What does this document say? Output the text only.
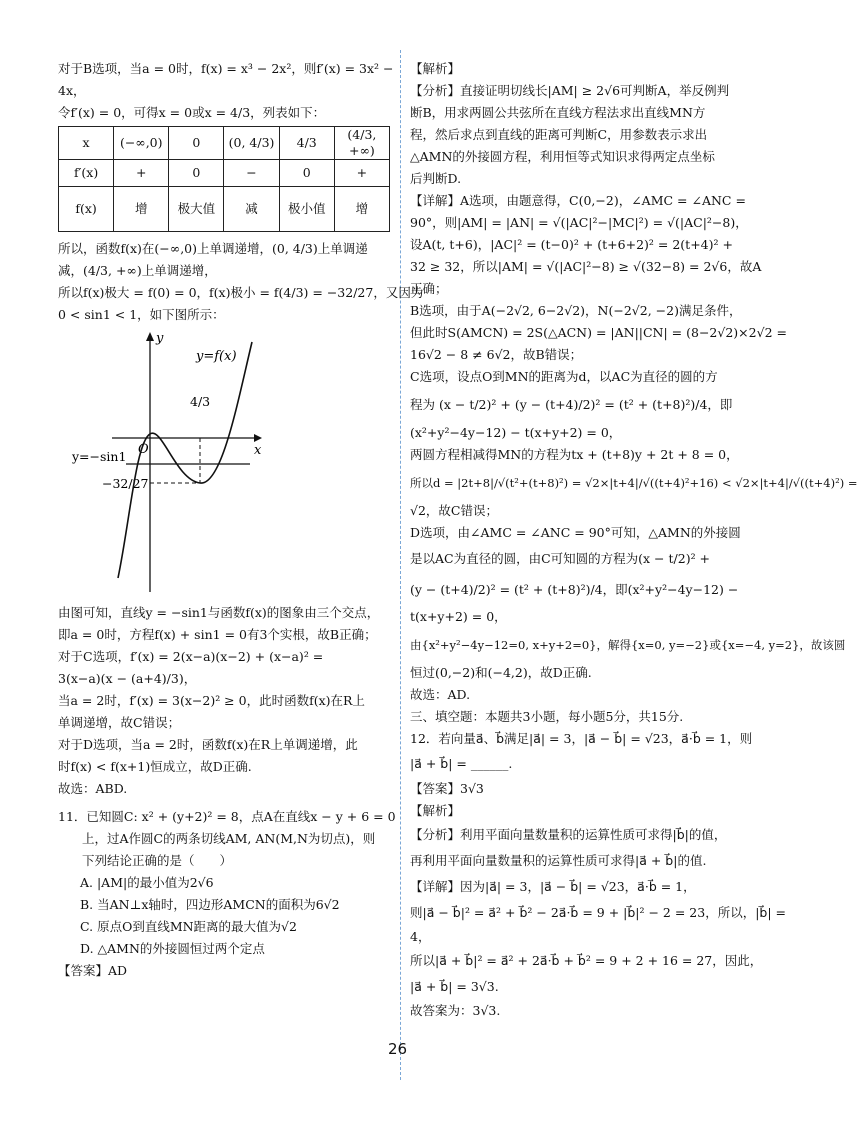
对于B选项，当a = 0时，f(x) = x³ − 2x²，则f′(x) = 3x² −
4x，
令f′(x) = 0，可得x = 0或x = 4/3，列表如下：
x	(−∞,0)	0	(0, 4/3)	4/3	(4/3, +∞)
f′(x)	+	0	−	0	+
f(x)	增	极大值	减	极小值	增
所以，函数f(x)在(−∞,0)上单调递增，(0, 4/3)上单调递
减，(4/3, +∞)上单调递增，
所以f(x)极大 = f(0) = 0，f(x)极小 = f(4/3) = −32/27，又因为
0 < sin1 < 1，如下图所示：
y
x
O
y=−sin1
4/3
−32/27
y=f(x)
由图可知，直线y = −sin1与函数f(x)的图象由三个交点，
即a = 0时，方程f(x) + sin1 = 0有3个实根，故B正确；
对于C选项，f′(x) = 2(x−a)(x−2) + (x−a)² =
3(x−a)(x − (a+4)/3)，
当a = 2时，f′(x) = 3(x−2)² ≥ 0，此时函数f(x)在R上
单调递增，故C错误；
对于D选项，当a = 2时，函数f(x)在R上单调递增，此
时f(x) < f(x+1)恒成立，故D正确.
故选：ABD.
11．已知圆C: x² + (y+2)² = 8，点A在直线x − y + 6 = 0
上，过A作圆C的两条切线AM, AN(M,N为切点)，则
下列结论正确的是（　　）
A. |AM|的最小值为2√6
B. 当AN⊥x轴时，四边形AMCN的面积为6√2
C. 原点O到直线MN距离的最大值为√2
D. △AMN的外接圆恒过两个定点
【答案】AD
【解析】
【分析】直接证明切线长|AM| ≥ 2√6可判断A，举反例判
断B，用求两圆公共弦所在直线方程法求出直线MN方
程，然后求点到直线的距离可判断C，用参数表示求出
△AMN的外接圆方程，利用恒等式知识求得两定点坐标
后判断D.
【详解】A选项，由题意得，C(0,−2)，∠AMC = ∠ANC =
90°，则|AM| = |AN| = √(|AC|²−|MC|²) = √(|AC|²−8)，
设A(t, t+6)，|AC|² = (t−0)² + (t+6+2)² = 2(t+4)² +
32 ≥ 32，所以|AM| = √(|AC|²−8) ≥ √(32−8) = 2√6，故A
正确；
B选项，由于A(−2√2, 6−2√2)，N(−2√2, −2)满足条件，
但此时S(AMCN) = 2S(△ACN) = |AN||CN| = (8−2√2)×2√2 =
16√2 − 8 ≠ 6√2，故B错误；
C选项，设点O到MN的距离为d，以AC为直径的圆的方
程为 (x − t/2)² + (y − (t+4)/2)² = (t² + (t+8)²)/4，即
(x²+y²−4y−12) − t(x+y+2) = 0，
两圆方程相减得MN的方程为tx + (t+8)y + 2t + 8 = 0，
所以d = |2t+8|/√(t²+(t+8)²) = √2×|t+4|/√((t+4)²+16) < √2×|t+4|/√((t+4)²) =
√2，故C错误；
D选项，由∠AMC = ∠ANC = 90°可知，△AMN的外接圆
是以AC为直径的圆，由C可知圆的方程为(x − t/2)² +
(y − (t+4)/2)² = (t² + (t+8)²)/4，即(x²+y²−4y−12) −
t(x+y+2) = 0，
由{x²+y²−4y−12=0, x+y+2=0}，解得{x=0, y=−2}或{x=−4, y=2}，故该圆
恒过(0,−2)和(−4,2)，故D正确.
故选：AD.
三、填空题：本题共3小题，每小题5分，共15分.
12．若向量a⃗、b⃗满足|a⃗| = 3，|a⃗ − b⃗| = √23，a⃗·b⃗ = 1，则
|a⃗ + b⃗| = ______.
【答案】3√3
【解析】
【分析】利用平面向量数量积的运算性质可求得|b⃗|的值，
再利用平面向量数量积的运算性质可求得|a⃗ + b⃗|的值.
【详解】因为|a⃗| = 3，|a⃗ − b⃗| = √23，a⃗·b⃗ = 1，
则|a⃗ − b⃗|² = a⃗² + b⃗² − 2a⃗·b⃗ = 9 + |b⃗|² − 2 = 23，所以，|b⃗| =
4，
所以|a⃗ + b⃗|² = a⃗² + 2a⃗·b⃗ + b⃗² = 9 + 2 + 16 = 27，因此，
|a⃗ + b⃗| = 3√3.
故答案为：3√3.
26
